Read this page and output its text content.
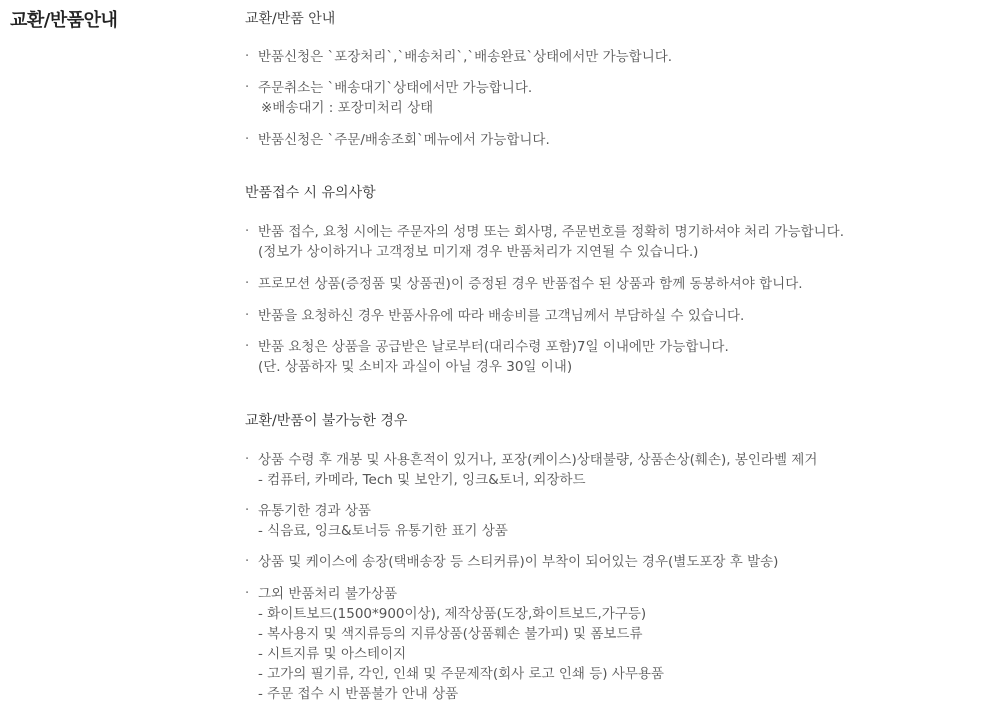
교환/반품안내	교환/반품 안내
· 반품신청은 `포장처리`,`배송처리`,`배송완료`상태에서만 가능합니다.
· 주문취소는 `배송대기`상태에서만 가능합니다.
※배송대기 : 포장미처리 상태
· 반품신청은 `주문/배송조회`메뉴에서 가능합니다.
반품접수 시 유의사항
· 반품 접수, 요청 시에는 주문자의 성명 또는 회사명, 주문번호를 정확히 명기하셔야 처리 가능합니다.
(정보가 상이하거나 고객정보 미기재 경우 반품처리가 지연될 수 있습니다.)
· 프로모션 상품(증정품 및 상품권)이 증정된 경우 반품접수 된 상품과 함께 동봉하셔야 합니다.
· 반품을 요청하신 경우 반품사유에 따라 배송비를 고객님께서 부담하실 수 있습니다.
· 반품 요청은 상품을 공급받은 날로부터(대리수령 포함)7일 이내에만 가능합니다.
(단. 상품하자 및 소비자 과실이 아닐 경우 30일 이내)
교환/반품이 불가능한 경우
· 상품 수령 후 개봉 및 사용흔적이 있거나, 포장(케이스)상태불량, 상품손상(훼손), 봉인라벨 제거
- 컴퓨터, 카메라, Tech 및 보안기, 잉크&토너, 외장하드
· 유통기한 경과 상품
- 식음료, 잉크&토너등 유통기한 표기 상품
· 상품 및 케이스에 송장(택배송장 등 스티커류)이 부착이 되어있는 경우(별도포장 후 발송)
· 그외 반품처리 불가상품
- 화이트보드(1500*900이상), 제작상품(도장,화이트보드,가구등)
- 복사용지 및 색지류등의 지류상품(상품훼손 불가피) 및 폼보드류
- 시트지류 및 아스테이지
- 고가의 필기류, 각인, 인쇄 및 주문제작(회사 로고 인쇄 등) 사무용품
- 주문 접수 시 반품불가 안내 상품
